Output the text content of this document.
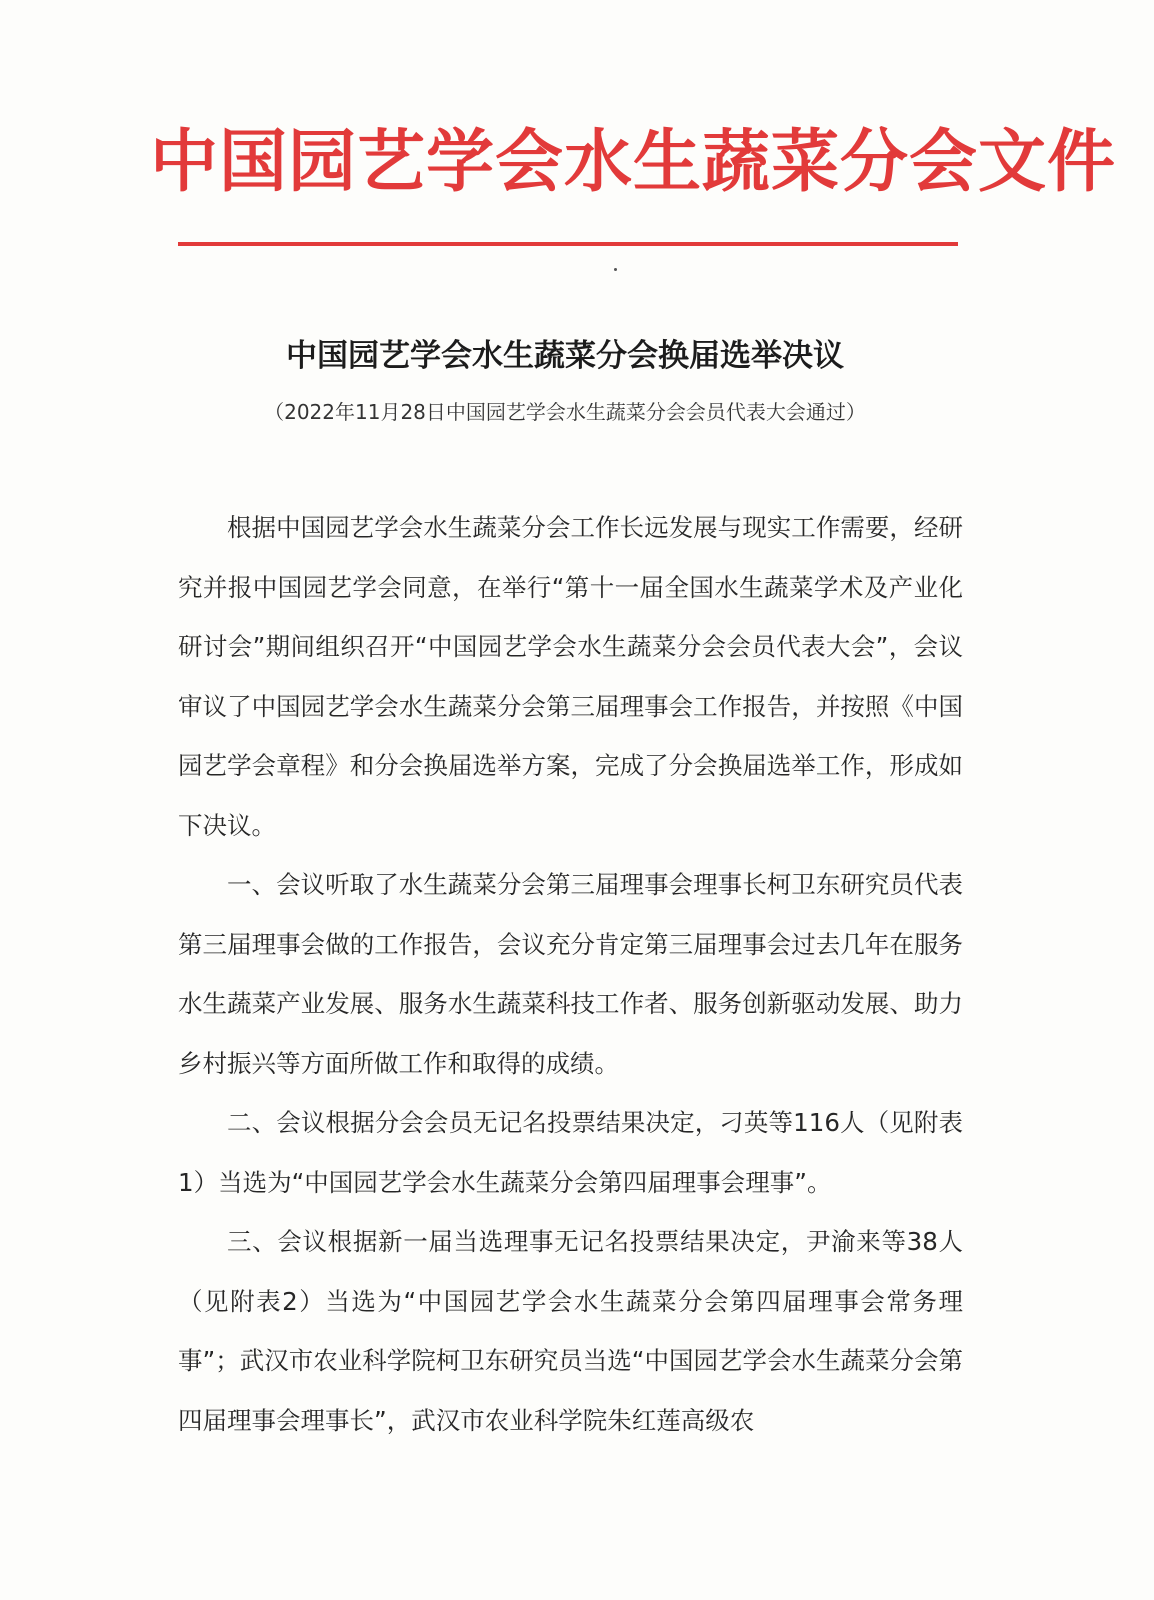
中国园艺学会水生蔬菜分会文件
中国园艺学会水生蔬菜分会换届选举决议
（2022年11月28日中国园艺学会水生蔬菜分会会员代表大会通过）

根据中国园艺学会水生蔬菜分会工作长远发展与现实工作需要，经研究并报中国园艺学会同意，在举行“第十一届全国水生蔬菜学术及产业化研讨会”期间组织召开“中国园艺学会水生蔬菜分会会员代表大会”，会议审议了中国园艺学会水生蔬菜分会第三届理事会工作报告，并按照《中国园艺学会章程》和分会换届选举方案，完成了分会换届选举工作，形成如下决议。

一、会议听取了水生蔬菜分会第三届理事会理事长柯卫东研究员代表第三届理事会做的工作报告，会议充分肯定第三届理事会过去几年在服务水生蔬菜产业发展、服务水生蔬菜科技工作者、服务创新驱动发展、助力乡村振兴等方面所做工作和取得的成绩。

二、会议根据分会会员无记名投票结果决定，刁英等116人（见附表1）当选为“中国园艺学会水生蔬菜分会第四届理事会理事”。

三、会议根据新一届当选理事无记名投票结果决定，尹渝来等38人（见附表2）当选为“中国园艺学会水生蔬菜分会第四届理事会常务理事”；武汉市农业科学院柯卫东研究员当选“中国园艺学会水生蔬菜分会第四届理事会理事长”，武汉市农业科学院朱红莲高级农
